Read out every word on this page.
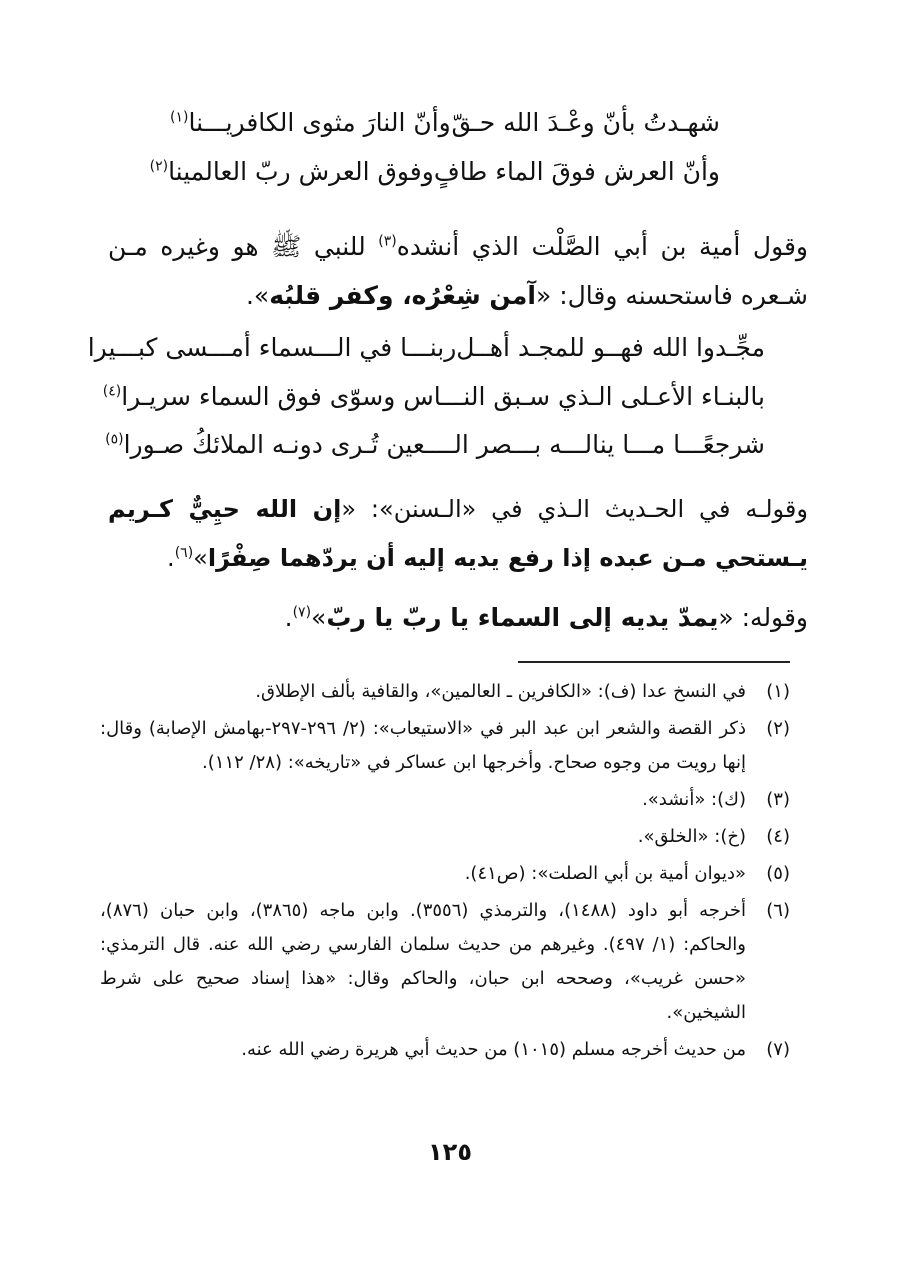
شهـدتُ بأنّ وعْـدَ الله حـقّ
وأنّ النارَ مثوى الكافريـــنا$^{(١)}$
وأنّ العرش فوقَ الماء طافٍ
وفوق العرش ربّ العالمينا$^{(٢)}$
وقول أمية بن أبي الصَّلْت الذي أنشده$^{(٣)}$ للنبي ﷺ هو وغيره مـن شـعره فاستحسنه وقال: «آمن شِعْرُه، وكفر قلبُه».
مجِّـدوا الله فهــو للمجـد أهــل
ربنـــا في الـــسماء أمـــسى كبـــيرا
بالبنـاء الأعـلى الـذي سـبق النــ
ـاس وسوّى فوق السماء سريـرا$^{(٤)}$
شرجعًـــا مـــا ينالـــه بـــصر الـــ
ـعين تُـرى دونـه الملائكُ صـورا$^{(٥)}$
وقولـه في الحـديث الـذي في «الـسنن»: «إن الله حيِيٌّ كـريم يـستحي مـن عبده إذا رفع يديه إليه أن يردّهما صِفْرًا»$^{(٦)}$.
وقوله: «يمدّ يديه إلى السماء يا ربّ يا ربّ»$^{(٧)}$.
(١)
في النسخ عدا (ف): «الكافرين ـ العالمين»، والقافية بألف الإطلاق.
(٢)
ذكر القصة والشعر ابن عبد البر في «الاستيعاب»: (٢/ ٢٩٦-٢٩٧-بهامش الإصابة) وقال: إنها رويت من وجوه صحاح. وأخرجها ابن عساكر في «تاريخه»: (٢٨/ ١١٢).
(٣)
(ك): «أنشد».
(٤)
(خ): «الخلق».
(٥)
«ديوان أمية بن أبي الصلت»: (ص٤١).
(٦)
أخرجه أبو داود (١٤٨٨)، والترمذي (٣٥٥٦). وابن ماجه (٣٨٦٥)، وابن حبان (٨٧٦)، والحاكم: (١/ ٤٩٧). وغيرهم من حديث سلمان الفارسي رضي الله عنه. قال الترمذي: «حسن غريب»، وصححه ابن حبان، والحاكم وقال: «هذا إسناد صحيح على شرط الشيخين».
(٧)
من حديث أخرجه مسلم (١٠١٥) من حديث أبي هريرة رضي الله عنه.
١٢٥
